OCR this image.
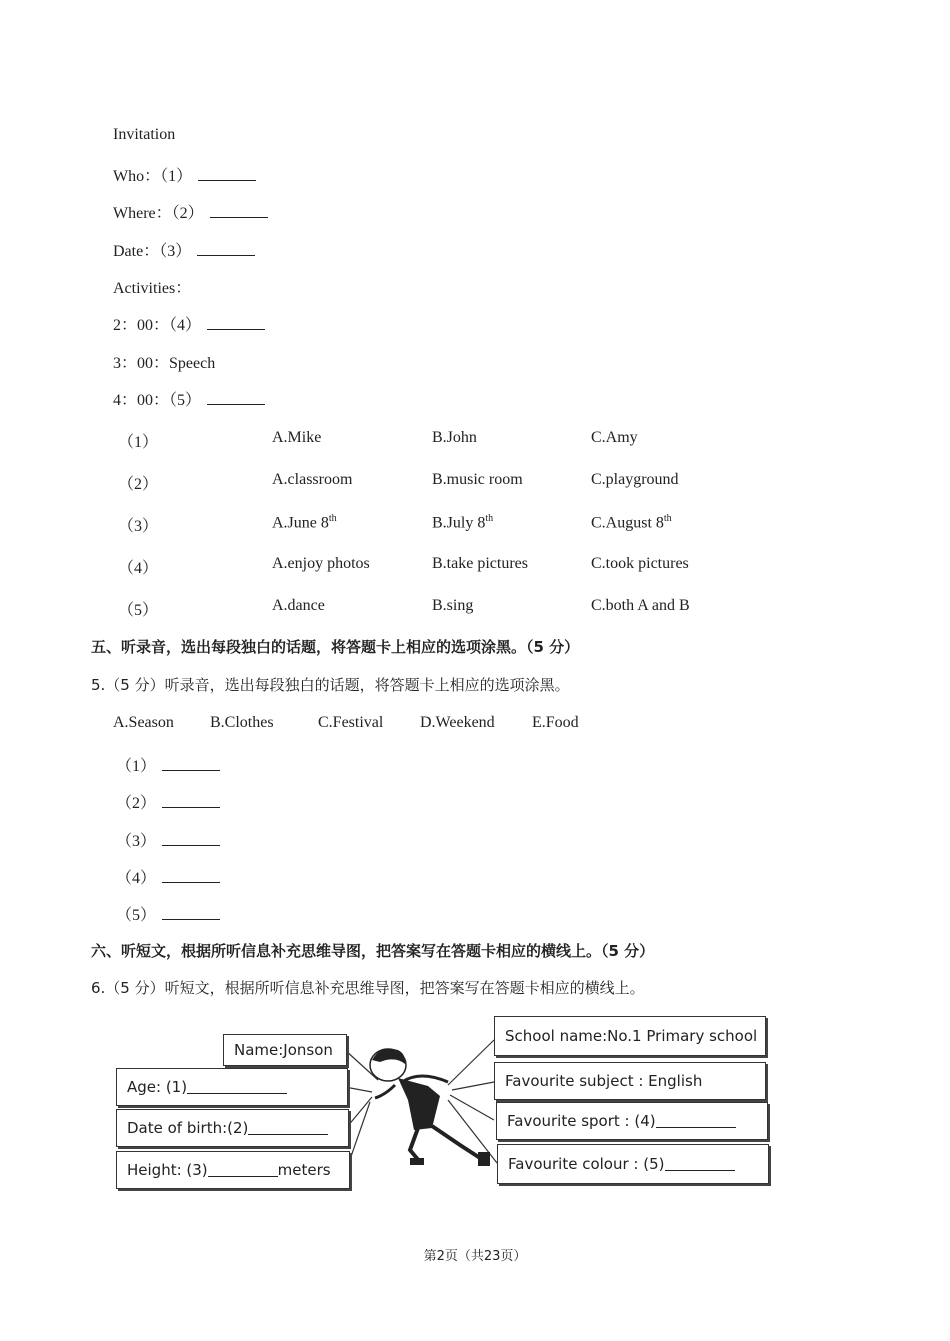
Invitation
Who：（1）
Where：（2）
Date：（3）
Activities：
2：00：（4）
3：00：Speech
4：00：（5）
（1）	A.Mike	B.John	C.Amy
（2）	A.classroom	B.music room	C.playground
（3）	A.June 8th	B.July 8th	C.August 8th
（4）	A.enjoy photos	B.take pictures	C.took pictures
（5）	A.dance	B.sing	C.both A and B
五、听录音，选出每段独白的话题，将答题卡上相应的选项涂黑。（5 分）
5.（5 分）听录音，选出每段独白的话题，将答题卡上相应的选项涂黑。
A.Season B.Clothes	C.Festival D.Weekend E.Food
（1）
（2）
（3）
（4）
（5）
六、听短文，根据所听信息补充思维导图，把答案写在答题卡相应的横线上。（5 分）
6.（5 分）听短文，根据所听信息补充思维导图，把答案写在答题卡相应的横线上。
Name:Jonson
Age: (1)
Date of birth:(2)
Height: (3)	meters
School name:No.1 Primary school
Favourite subject : English
Favourite sport : (4)
Favourite colour : (5)
第2页（共23页）
